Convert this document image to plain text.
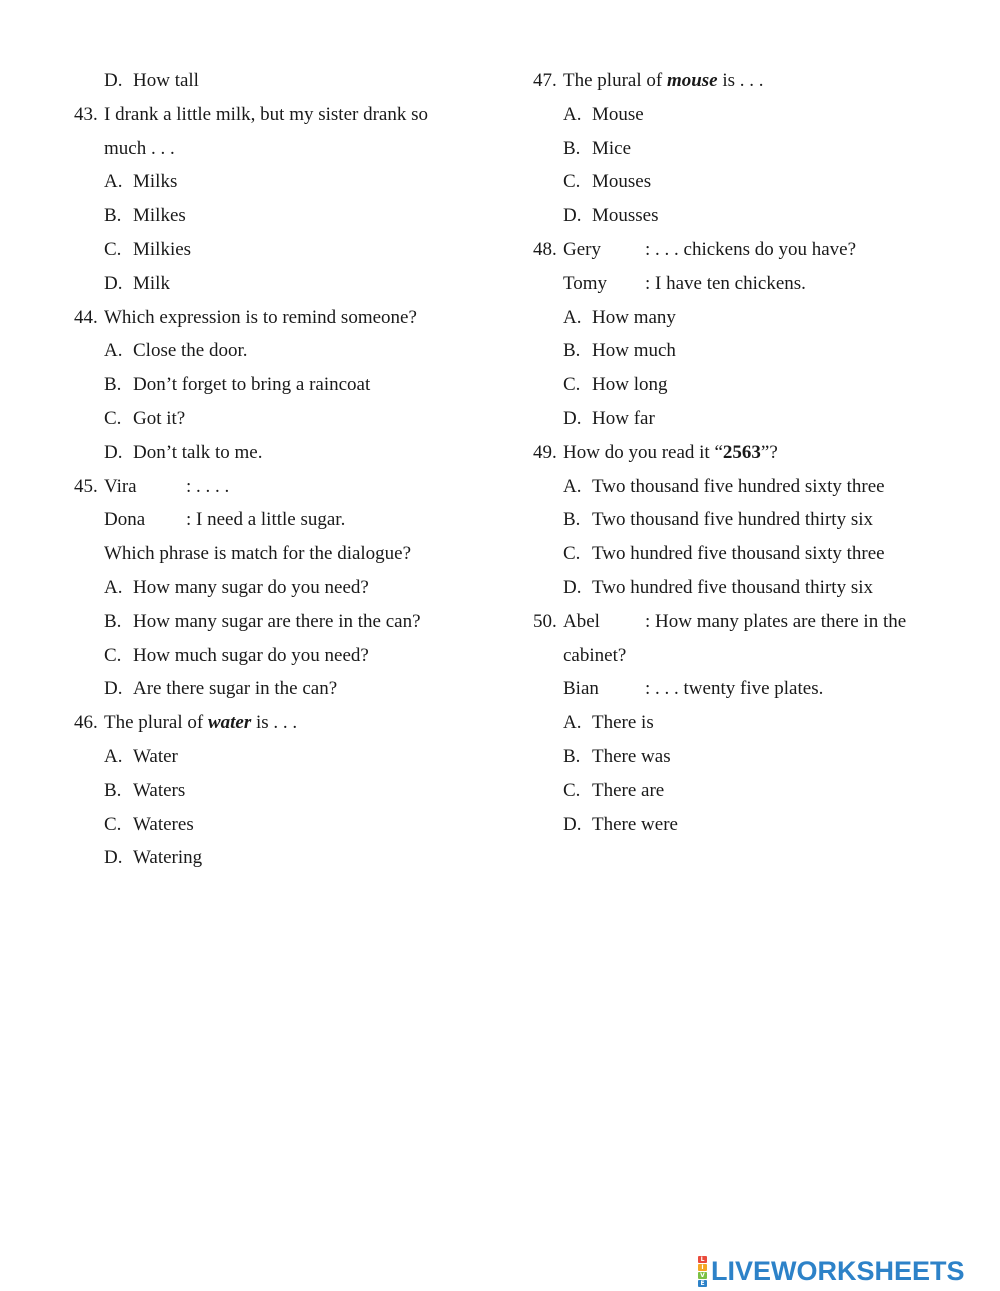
D. How tall
43. I drank a little milk, but my sister drank so
much . . .
A. Milks
B. Milkes
C. Milkies
D. Milk
44. Which expression is to remind someone?
A. Close the door.
B. Don’t forget to bring a raincoat
C. Got it?
D. Don’t talk to me.
45. Vira	: . . . .
Dona : I need a little sugar.
Which phrase is match for the dialogue?
A. How many sugar do you need?
B. How many sugar are there in the can?
C. How much sugar do you need?
D. Are there sugar in the can?
46. The plural of water is . . .
A. Water
B. Waters
C. Wateres
D. Watering
47. The plural of mouse is . . .
A. Mouse
B. Mice
C. Mouses
D. Mousses
48. Gery : . . . chickens do you have?
Tomy : I have ten chickens.
A. How many
B. How much
C. How long
D. How far
49. How do you read it “2563”?
A. Two thousand five hundred sixty three
B. Two thousand five hundred thirty six
C. Two hundred five thousand sixty three
D. Two hundred five thousand thirty six
50. Abel : How many plates are there in the
cabinet?
Bian : . . . twenty five plates.
A. There is
B. There was
C. There are
D. There were
L
I
V
E LIVEWORKSHEETS
